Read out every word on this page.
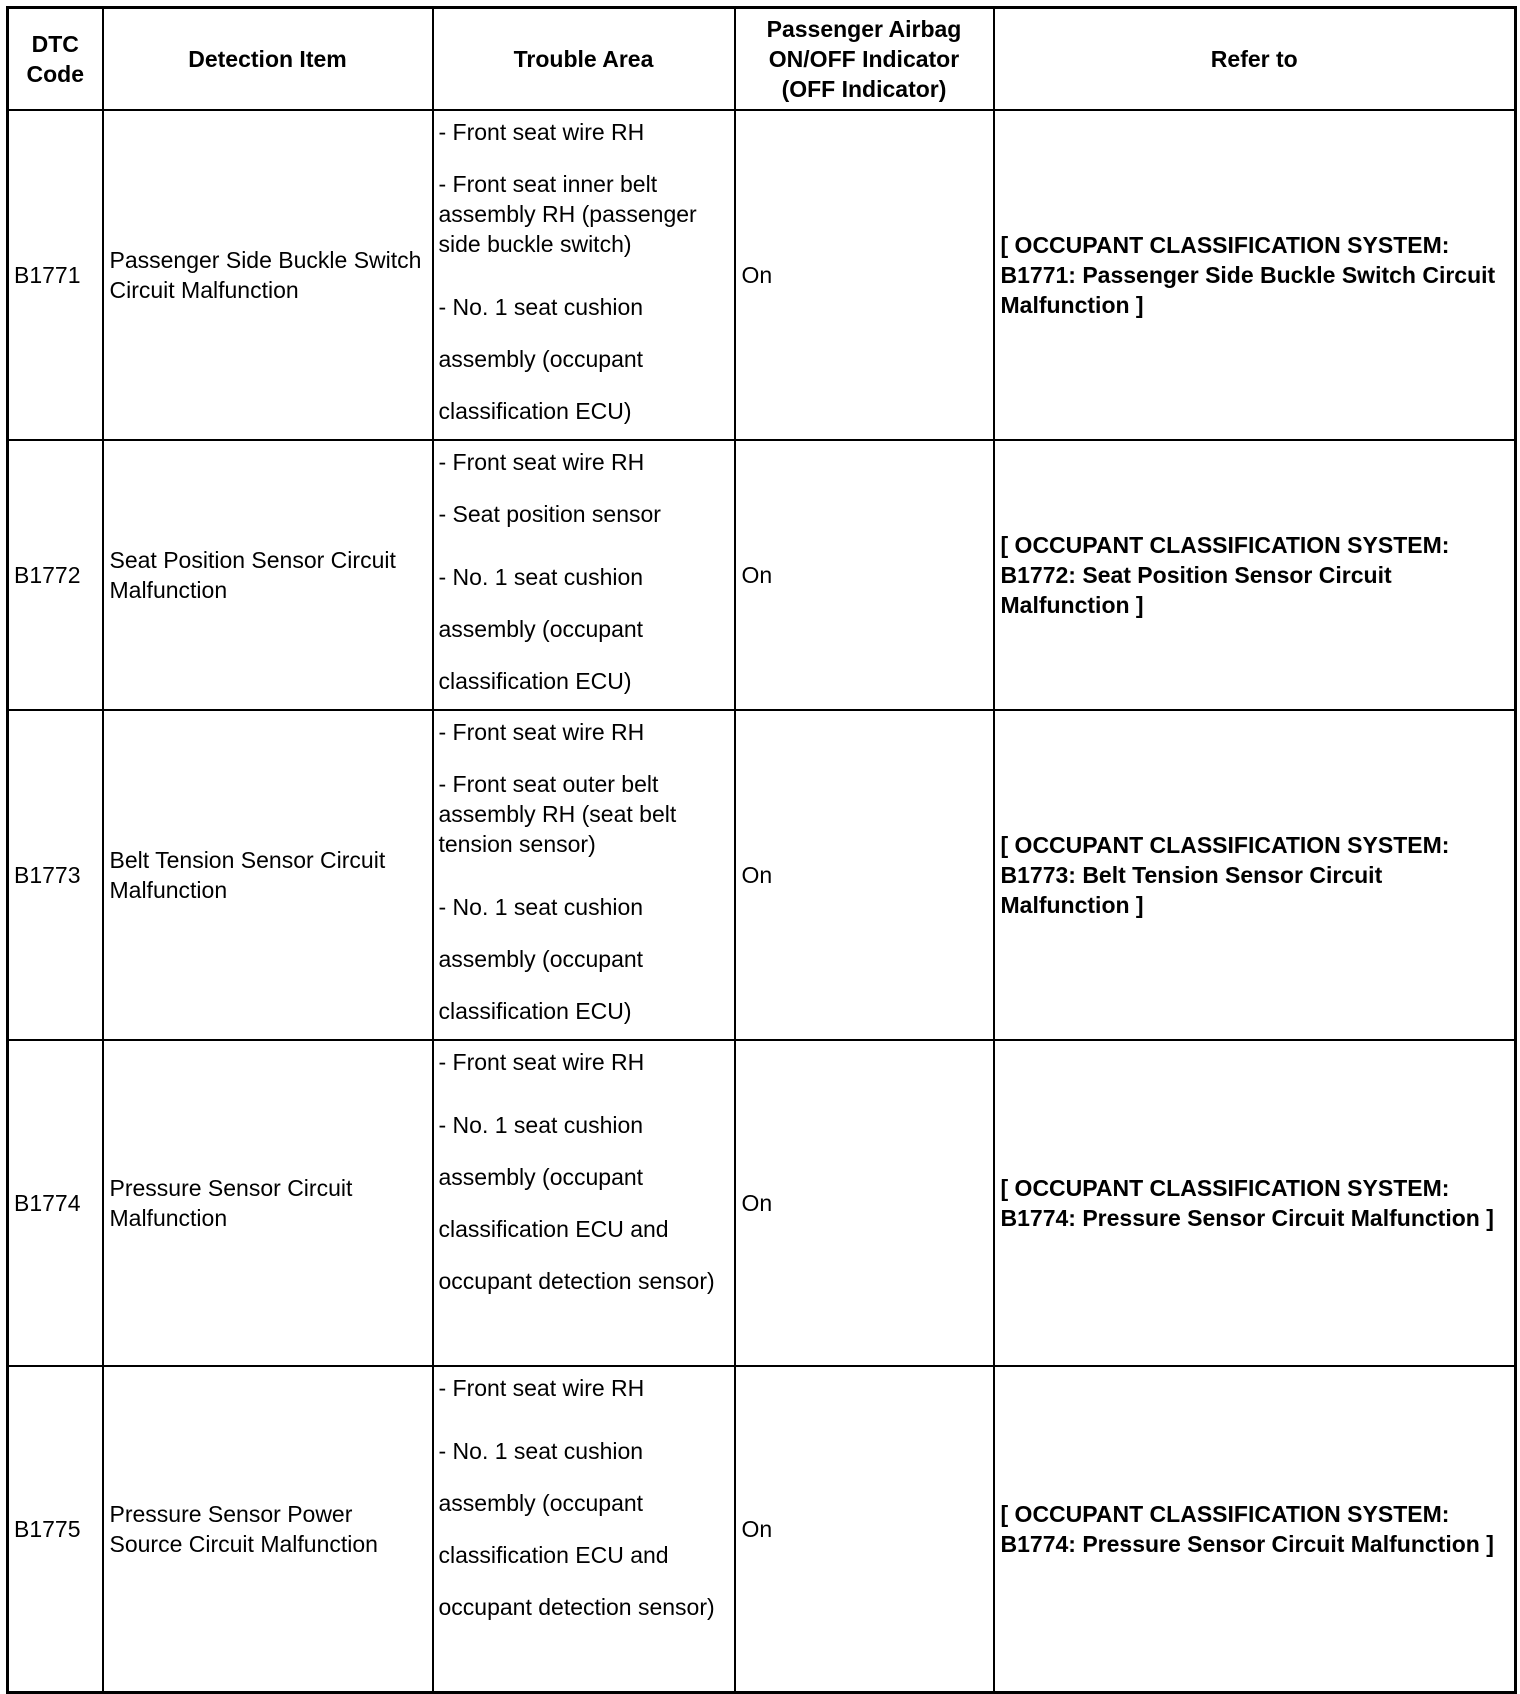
DTC Code	Detection Item	Trouble Area	Passenger Airbag ON/OFF Indicator (OFF Indicator)	Refer to
B1771	Passenger Side Buckle Switch Circuit Malfunction	- Front seat wire RH
- Front seat inner belt assembly RH (passenger side buckle switch)
- No. 1 seat cushion assembly (occupant classification ECU)	On	[ OCCUPANT CLASSIFICATION SYSTEM: B1771: Passenger Side Buckle Switch Circuit Malfunction ]
B1772	Seat Position Sensor Circuit Malfunction	- Front seat wire RH
- Seat position sensor
- No. 1 seat cushion assembly (occupant classification ECU)	On	[ OCCUPANT CLASSIFICATION SYSTEM: B1772: Seat Position Sensor Circuit Malfunction ]
B1773	Belt Tension Sensor Circuit Malfunction	- Front seat wire RH
- Front seat outer belt assembly RH (seat belt tension sensor)
- No. 1 seat cushion assembly (occupant classification ECU)	On	[ OCCUPANT CLASSIFICATION SYSTEM: B1773: Belt Tension Sensor Circuit Malfunction ]
B1774	Pressure Sensor Circuit Malfunction	- Front seat wire RH
- No. 1 seat cushion assembly (occupant classification ECU and occupant detection sensor)	On	[ OCCUPANT CLASSIFICATION SYSTEM: B1774: Pressure Sensor Circuit Malfunction ]
B1775	Pressure Sensor Power Source Circuit Malfunction	- Front seat wire RH
- No. 1 seat cushion assembly (occupant classification ECU and occupant detection sensor)	On	[ OCCUPANT CLASSIFICATION SYSTEM: B1774: Pressure Sensor Circuit Malfunction ]
